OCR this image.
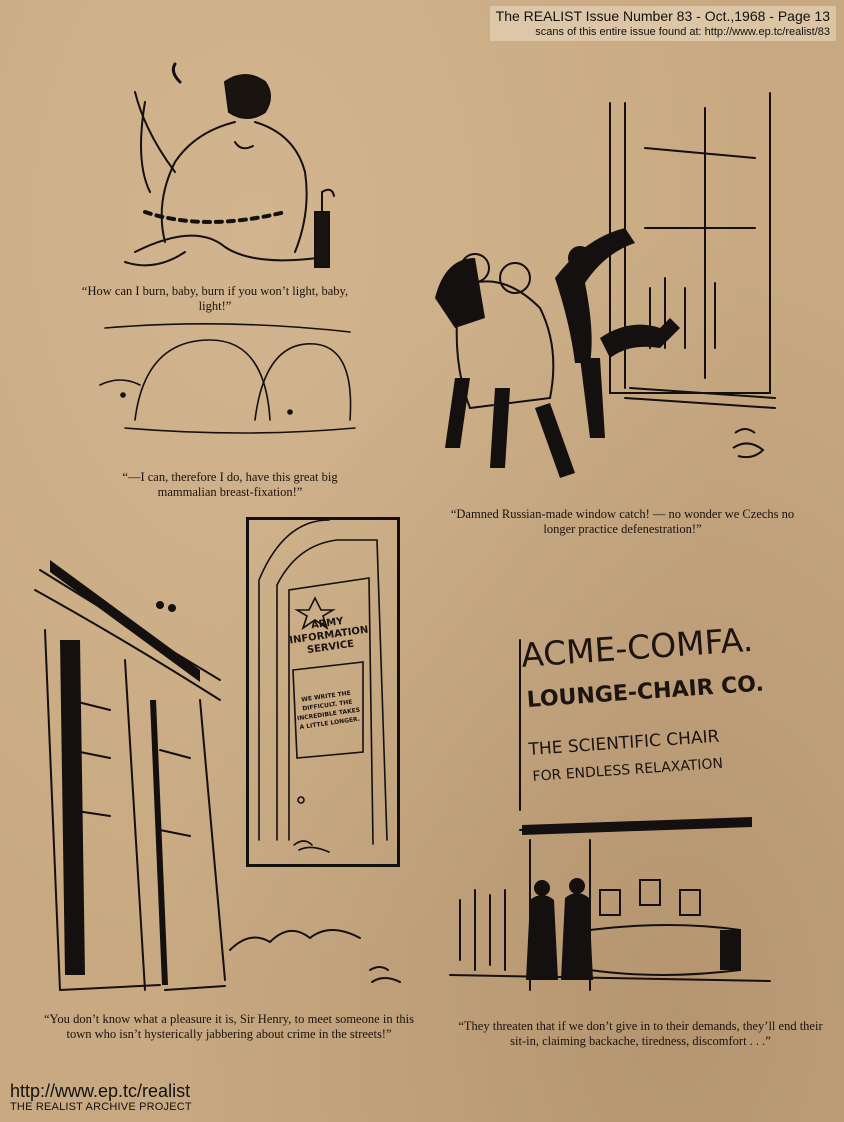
The REALIST Issue Number 83 - Oct.,1968 - Page 13
scans of this entire issue found at: http://www.ep.tc/realist/83
“How can I burn, baby, burn if you won’t light, baby, light!”
“—I can, therefore I do, have this great big mammalian breast-fixation!”
“Damned Russian-made window catch! — no wonder we Czechs no longer practice defenestration!”
ARMY INFORMATION SERVICE
WE WRITE THE DIFFICULT. THE INCREDIBLE TAKES A LITTLE LONGER.
“You don’t know what a pleasure it is, Sir Henry, to meet someone in this town who isn’t hysterically jabbering about crime in the streets!”
ACME-COMFA.
LOUNGE-CHAIR CO.
THE SCIENTIFIC CHAIR
FOR ENDLESS RELAXATION
“They threaten that if we don’t give in to their demands, they’ll end their sit-in, claiming backache, tiredness, discomfort . . .”
http://www.ep.tc/realist
THE REALIST ARCHIVE PROJECT
